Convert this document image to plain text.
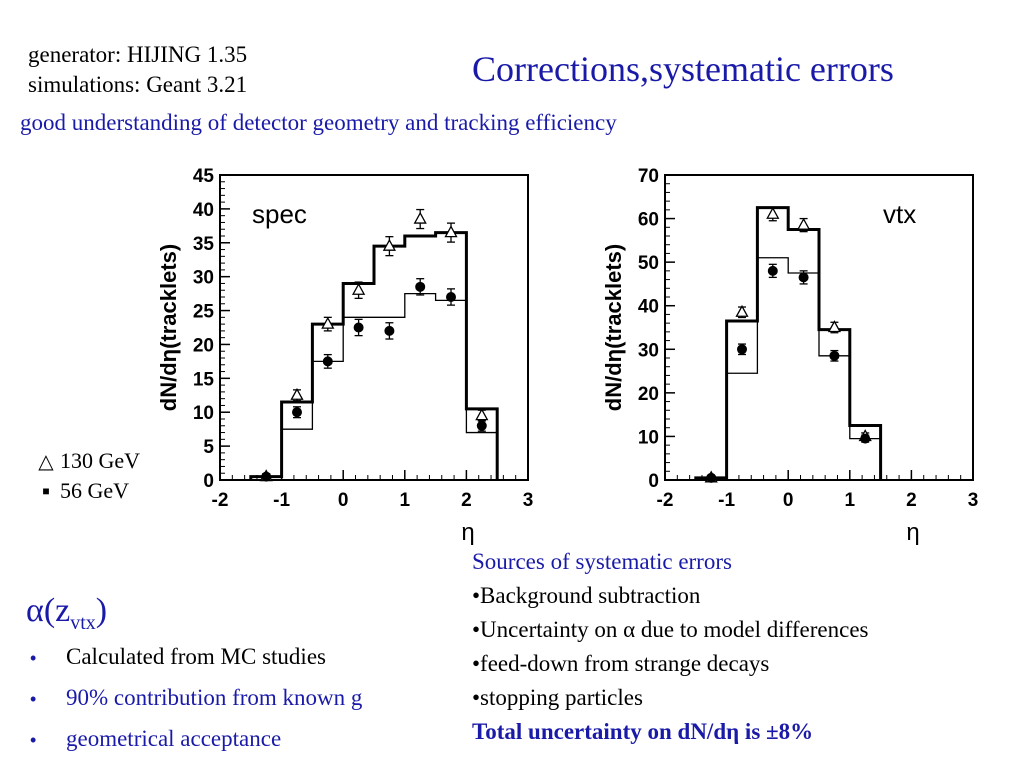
generator: HIJING 1.35
simulations: Geant 3.21	Corrections,systematic errors
good understanding of detector geometry and tracking efficiency
0
5
10
15
20
25
30
35
40
45
-2 -1	0	1	2	3
dN/dη(tracklets)
η
spec
0
10
20
30
40
50
60
70
-2 -1	0	1	2	3
dN/dη(tracklets)
η
vtx
△ 130 GeV
■ 56 GeV
$\alpha(z_{vtx})$
•	Calculated from MC studies
•	90% contribution from known g
•	geometrical acceptance
Sources of systematic errors
•Background subtraction
•Uncertainty on α due to model differences
•feed-down from strange decays
•stopping particles
Total uncertainty on dN/dη is ±8%
